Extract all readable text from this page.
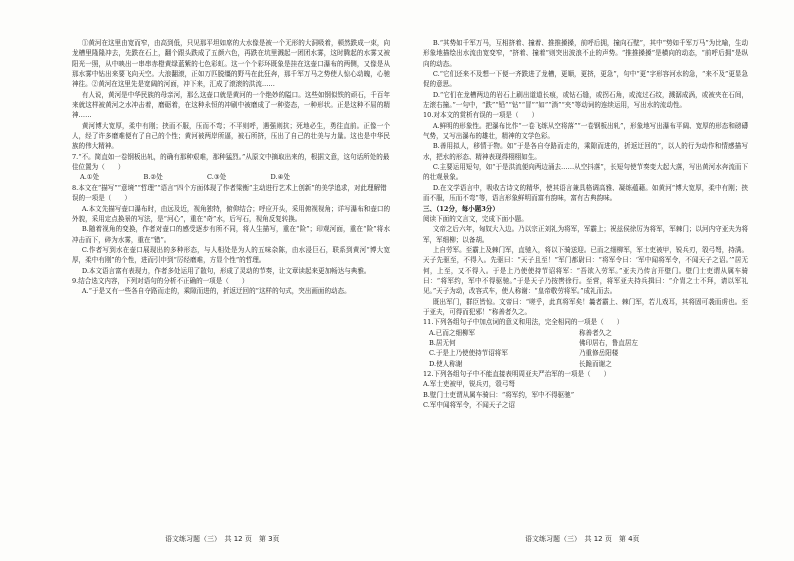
①黄河在这里由宽而窄，由高到低，只见那平坦如席的大水像是被一个无形的大洞吸着，顿然跌成一束，向龙槽里隆隆冲去，先跌在石上，翻个跟头跌成了五颜六色，再跌在坑里溅起一团团水雾，这时腾起的水雾又被阳光一照，从中映出一串串赤橙黄绿蓝紫的七色彩虹。这一个个彩环既象是挂在这壶口瀑布的两侧，又像是从那水雾中钻出来要飞向天空。大浪翻滚，正如万匹脱缰的野马在此狂奔，那千军万马之势使人惊心动魄，心驰神往。②黄河在这里先是宽阔的河面，冲下来，汇成了滚滚的洪流……

有人说，黄河是中华民族的母亲河，那么这壶口就是黄河的一个绝妙的隘口。这些如钢似铁的顽石，千百年来就这样被黄河之水冲击着，磨砺着，在这种永恒的冲刷中被磨成了一种姿态，一种形状。正是这种不屈的精神……

黄河博大宽厚，柔中有刚；挟而不服，压而不弯；不平则呼，遇强则抗；死地必生，勇往直前。正像一个人，经了许多磨难便有了自己的个性；黄河被两岸所逼，被石所挤，压出了自己的壮美与力量。这也是中华民族的伟大精神。

7.“不。简直如一卷钢板出轧，的确有那种艰难，那种猛烈。”从原文中摘取出来的，根据文意，这句话所处的最佳位置为（　　）

A.①处	B.②处	C.③处	D.④处

8.本文在“描写”“意境”“哲理”“语言”四个方面体现了作者梁衡“主动进行艺术上创新”的美学追求，对此理解错误的一项是（　　）

A.本文先描写壶口瀑布时，由远及近，视角独特，俯仰结合；呼应开头，采用俯视视角；详写瀑布和壶口的外貌，采用定点换景的写法，是“河心”，重在“奇”水，后写石，视角反复转换。

B.随着视角的变换，作者对壶口的感受逐步有所不同，将人生描写，重在“险”；印观河面，重在“险”将水冲击而下，碎为水雾，重在“错”。

C.作者写到水在壶口展现出的多种形态，与人相处是为人的五味杂陈，由水浸巨石，联系到黄河“博大宽厚，柔中有刚”的个性，进而引申到“厉经磨难，方显个性”的哲理。

D.本文语言富有表现力，作者多处运用了散句，形成了灵动的节奏，让文章读起来更加畅达与典雅。

9.结合选文内容，下列对语句的分析不正确的一项是（　　）

A.“于是又有一些各自夺路而走的，乘隙而进的，折返迂回的”这样的句式，突出画面的动态。

语文练习题（三）　共 12 页　第 3页

B.“其势如千军万马，互相挤着、撞着、推推搡搡，前呼后拥，撞向石壁”，其中“势如千军万马”为比喻，生动形象地描绘出水流由宽变窄，“挤着、撞着”则突出波浪不止的声势。“推推搡搡”是横向的动态，“前呼后拥”是纵向的动态。

C.“它们还来不及想一下便一齐跌进了龙槽，更顺，更挤，更急”，句中“更”字形容河水的急，“来不及”更显急促的意思。

D.“它们在龙槽两边的岩石上刷出道道长痕，或钻石缝，或拐石角，或流过石纹，溅潺成涡，或被夹在石间，左滚右撞。”一句中，“跌”“铅”“钻”“冒”“如”“淌”“夹”等动词的连续运用，写出水的流动性。

10.对本文的赏析有误的一项是（　　）

A.鲜明的形象性。把瀑布比作“一卷飞练从空将落”“一卷钢板出轧”，形象地写出瀑布平阔、宽厚的形态和磅礴气势，又写出瀑布的雄壮，精神的文学色彩。

B.善用拟人，移情于物。如“于是各自夺路而走的，乘隙而进的，折返迂回的”，以人的行为动作和情感描写水，把水的形态、精神表现得栩栩如生。

C.主要运用短句，如“于是洪流便向两边涌去……从空抖落”，长短句使节奏变大起大落，写出黄河水奔流而下的壮观景象。

D.在文学语言中，吸收古诗文的精华，使其语言兼具格调高雅、凝练蕴藉。如黄河“博大宽厚，柔中有刚；挟而不服，压而不弯”等，语言形象鲜明而富有韵味，富有古典韵味。

三、（12分，每小题3分）

阅读下面的文言文，完成下面小题。

文帝之后六年，匈奴大入边。乃以宗正刘礼为将军，军霸上；祝兹侯徐厉为将军，军棘门；以河内守亚夫为将军，军细柳；以备胡。

上自劳军。至霸上及棘门军，直驰入，将以下骑送迎。已而之细柳军，军士吏被甲，锐兵刃，彀弓弩，持满。天子先驱至，不得入。先驱曰：“天子且至！”军门都尉曰：“将军令曰：‘军中闻将军令，不闻天子之诏。’”居无何，上至，又不得入。于是上乃使使持节诏将军：“吾欲入劳军。”亚夫乃传言开壁门。壁门士吏谓从属车骑曰：“将军约，军中不得驱驰。”于是天子乃按辔徐行。至营，将军亚夫持兵揖曰：“介胄之士不拜，请以军礼见。”天子为动，改容式车，使人称谢：“皇帝敬劳将军。”成礼而去。

既出军门，群臣皆惊。文帝曰：“嗟乎，此真将军矣！曩者霸上、棘门军，若儿戏耳，其将固可袭而虏也。至于亚夫，可得而犯邪！”称善者久之。

11.下列各组句子中加点词的意义和用法，完全相同的一项是（　　）

A.已而之细柳军	称善者久之
B.居无何	佛印居右，鲁直居左
C.于是上乃使使持节诏将军	乃重修岳阳楼
D.使人称谢	长跪而谢之

12.下列各组句子中不能直接表明周亚夫严治军的一项是（　　）

A.军士吏被甲，锐兵刃，彀弓弩

B.壁门士吏谓从属车骑曰：“将军约，军中不得驱驰”

C.军中闻将军令，不闻天子之诏

语文练习题（三）　共 12 页　第 4页
